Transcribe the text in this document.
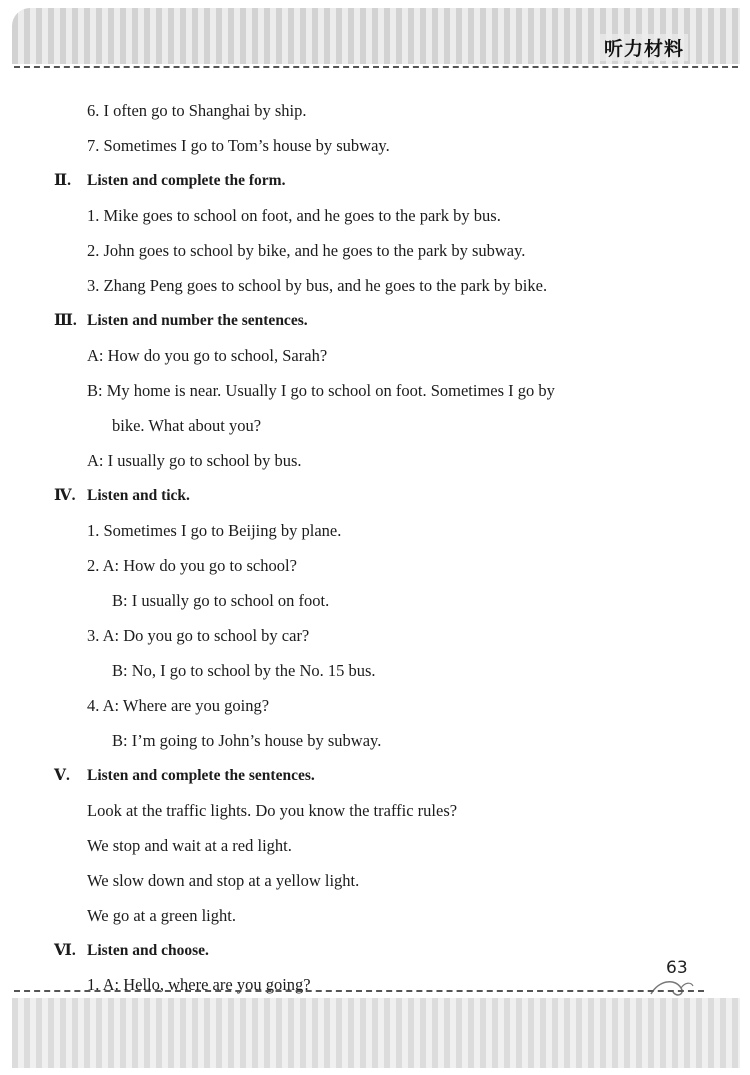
听力材料
6. I often go to Shanghai by ship.
7. Sometimes I go to Tom’s house by subway.
Ⅱ. Listen and complete the form.
1. Mike goes to school on foot, and he goes to the park by bus.
2. John goes to school by bike, and he goes to the park by subway.
3. Zhang Peng goes to school by bus, and he goes to the park by bike.
Ⅲ. Listen and number the sentences.
A: How do you go to school, Sarah?
B: My home is near. Usually I go to school on foot. Sometimes I go by
bike. What about you?
A: I usually go to school by bus.
Ⅳ. Listen and tick.
1. Sometimes I go to Beijing by plane.
2. A: How do you go to school?
B: I usually go to school on foot.
3. A: Do you go to school by car?
B: No, I go to school by the No. 15 bus.
4. A: Where are you going?
B: I’m going to John’s house by subway.
Ⅴ. Listen and complete the sentences.
Look at the traffic lights. Do you know the traffic rules?
We stop and wait at a red light.
We slow down and stop at a yellow light.
We go at a green light.
Ⅵ. Listen and choose.
1. A: Hello, where are you going?
63
